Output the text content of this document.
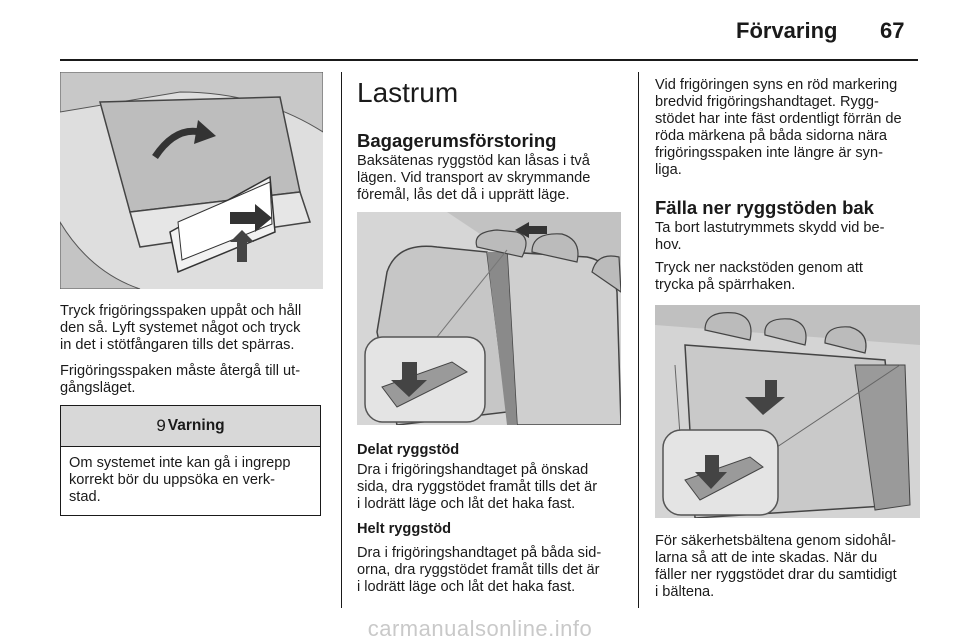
Förvaring 67
Tryck frigöringsspaken uppåt och håll
den så. Lyft systemet något och tryck
in det i stötfångaren tills det spärras.
Frigöringsspaken måste återgå till ut-
gångsläget.
9 Varning
Om systemet inte kan gå i ingrepp
korrekt bör du uppsöka en verk-
stad.
Lastrum
Bagagerumsförstoring
Baksätenas ryggstöd kan låsas i två
lägen. Vid transport av skrymmande
föremål, lås det då i upprätt läge.
Delat ryggstöd
Dra i frigöringshandtaget på önskad
sida, dra ryggstödet framåt tills det är
i lodrätt läge och låt det haka fast.
Helt ryggstöd
Dra i frigöringshandtaget på båda sid-
orna, dra ryggstödet framåt tills det är
i lodrätt läge och låt det haka fast.
Vid frigöringen syns en röd markering
bredvid frigöringshandtaget. Rygg-
stödet har inte fäst ordentligt förrän de
röda märkena på båda sidorna nära
frigöringsspaken inte längre är syn-
liga.
Fälla ner ryggstöden bak
Ta bort lastutrymmets skydd vid be-
hov.
Tryck ner nackstöden genom att
trycka på spärrhaken.
För säkerhetsbältena genom sidohål-
larna så att de inte skadas. När du
fäller ner ryggstödet drar du samtidigt
i bältena.
carmanualsonline.info
